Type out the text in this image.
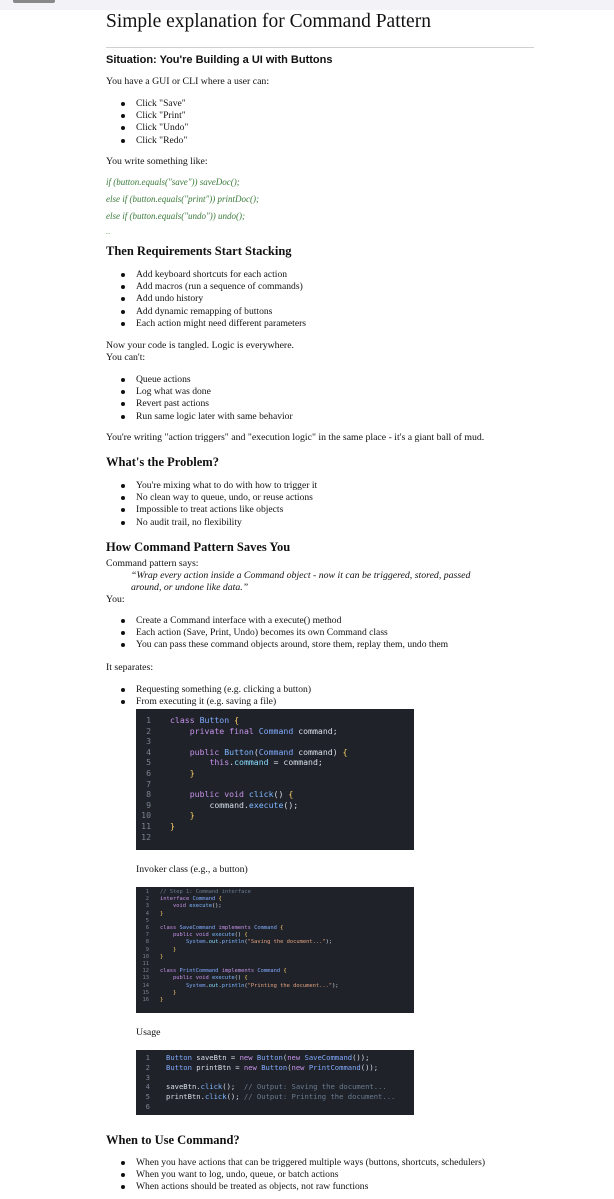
Simple explanation for Command Pattern
Situation: You're Building a UI with Buttons

You have a GUI or CLI where a user can:

Click "Save"
Click "Print"
Click "Undo"
Click "Redo"

You write something like:

if (button.equals("save")) saveDoc();
else if (button.equals("print")) printDoc();
else if (button.equals("undo")) undo();
...
Then Requirements Start Stacking
Add keyboard shortcuts for each action
Add macros (run a sequence of commands)
Add undo history
Add dynamic remapping of buttons
Each action might need different parameters

Now your code is tangled. Logic is everywhere.

You can't:

Queue actions
Log what was done
Revert past actions
Run same logic later with same behavior

You're writing "action triggers" and "execution logic" in the same place - it's a giant ball of mud.

What's the Problem?
You're mixing what to do with how to trigger it
No clean way to queue, undo, or reuse actions
Impossible to treat actions like objects
No audit trail, no flexibility
How Command Pattern Saves You

Command pattern says:

“Wrap every action inside a Command object - now it can be triggered, stored, passed

around, or undone like data.”

You:

Create a Command interface with a execute() method
Each action (Save, Print, Undo) becomes its own Command class
You can pass these command objects around, store them, replay them, undo them

It separates:

Requesting something (e.g. clicking a button)
From executing it (e.g. saving a file)
1
2
3
4
5
6
7
8
9
10
11
12
class Button {
private final Command command;

public Button(Command command) {
this.command = command;
}

public void click() {
command.execute();
}
}

Invoker class (e.g., a button)

1
2
3
4
5
6
7
8
9
10
11
12
13
14
15
16
// Step 1: Command interface
interface Command {
void execute();
}

class SaveCommand implements Command {
public void execute() {
System.out.println("Saving the document...");
}
}

class PrintCommand implements Command {
public void execute() {
System.out.println("Printing the document...");
}
}

Usage

1
2
3
4
5
6
Button saveBtn = new Button(new SaveCommand());
Button printBtn = new Button(new PrintCommand());

saveBtn.click();  // Output: Saving the document...
printBtn.click(); // Output: Printing the document...

When to Use Command?
When you have actions that can be triggered multiple ways (buttons, shortcuts, schedulers)
When you want to log, undo, queue, or batch actions
When actions should be treated as objects, not raw functions
